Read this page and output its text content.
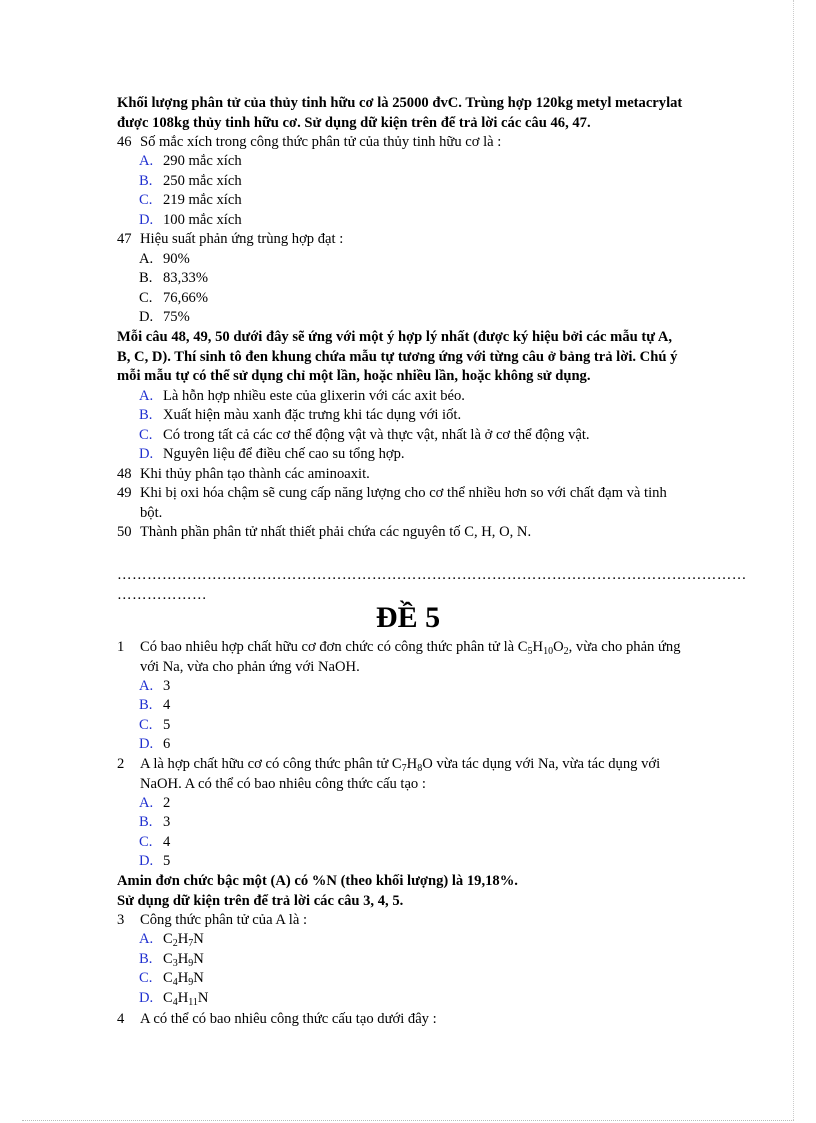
Khối lượng phân tử của thủy tinh hữu cơ là 25000 đvC. Trùng hợp 120kg metyl metacrylat
được 108kg thủy tinh hữu cơ. Sử dụng dữ kiện trên để trả lời các câu 46, 47.
46 Số mắc xích trong công thức phân tử của thủy tinh hữu cơ là :
A. 290 mắc xích
B. 250 mắc xích
C. 219 mắc xích
D. 100 mắc xích
47 Hiệu suất phản ứng trùng hợp đạt :
A. 90%
B. 83,33%
C. 76,66%
D. 75%
Mỗi câu 48, 49, 50 dưới đây sẽ ứng với một ý hợp lý nhất (được ký hiệu bởi các mẫu tự A,
B, C, D). Thí sinh tô đen khung chứa mẫu tự tương ứng với từng câu ở bảng trả lời. Chú ý
mỗi mẫu tự có thể sử dụng chỉ một lần, hoặc nhiều lần, hoặc không sử dụng.
A. Là hỗn hợp nhiều este của glixerin với các axit béo.
B. Xuất hiện màu xanh đặc trưng khi tác dụng với iốt.
C. Có trong tất cả các cơ thể động vật và thực vật, nhất là ở cơ thể động vật.
D. Nguyên liệu để điều chế cao su tổng hợp.
48 Khi thủy phân tạo thành các aminoaxit.
49 Khi bị oxi hóa chậm sẽ cung cấp năng lượng cho cơ thể nhiều hơn so với chất đạm và tinh
bột.
50 Thành phần phân tử nhất thiết phải chứa các nguyên tố C, H, O, N.
………………………………………………………………………………………………………………
………………
ĐỀ 5
1 Có bao nhiêu hợp chất hữu cơ đơn chức có công thức phân tử là $C_5H_{10}O_2$, vừa cho phản ứng
với Na, vừa cho phản ứng với NaOH.
A. 3
B. 4
C. 5
D. 6
2 A là hợp chất hữu cơ có công thức phân tử $C_7H_8O$ vừa tác dụng với Na, vừa tác dụng với
NaOH. A có thể có bao nhiêu công thức cấu tạo :
A. 2
B. 3
C. 4
D. 5
Amin đơn chức bậc một (A) có %N (theo khối lượng) là 19,18%.
Sử dụng dữ kiện trên để trả lời các câu 3, 4, 5.
3 Công thức phân tử của A là :
A. $C_2H_7N$
B. $C_3H_9N$
C. $C_4H_9N$
D. $C_4H_{11}N$
4 A có thể có bao nhiêu công thức cấu tạo dưới đây :
